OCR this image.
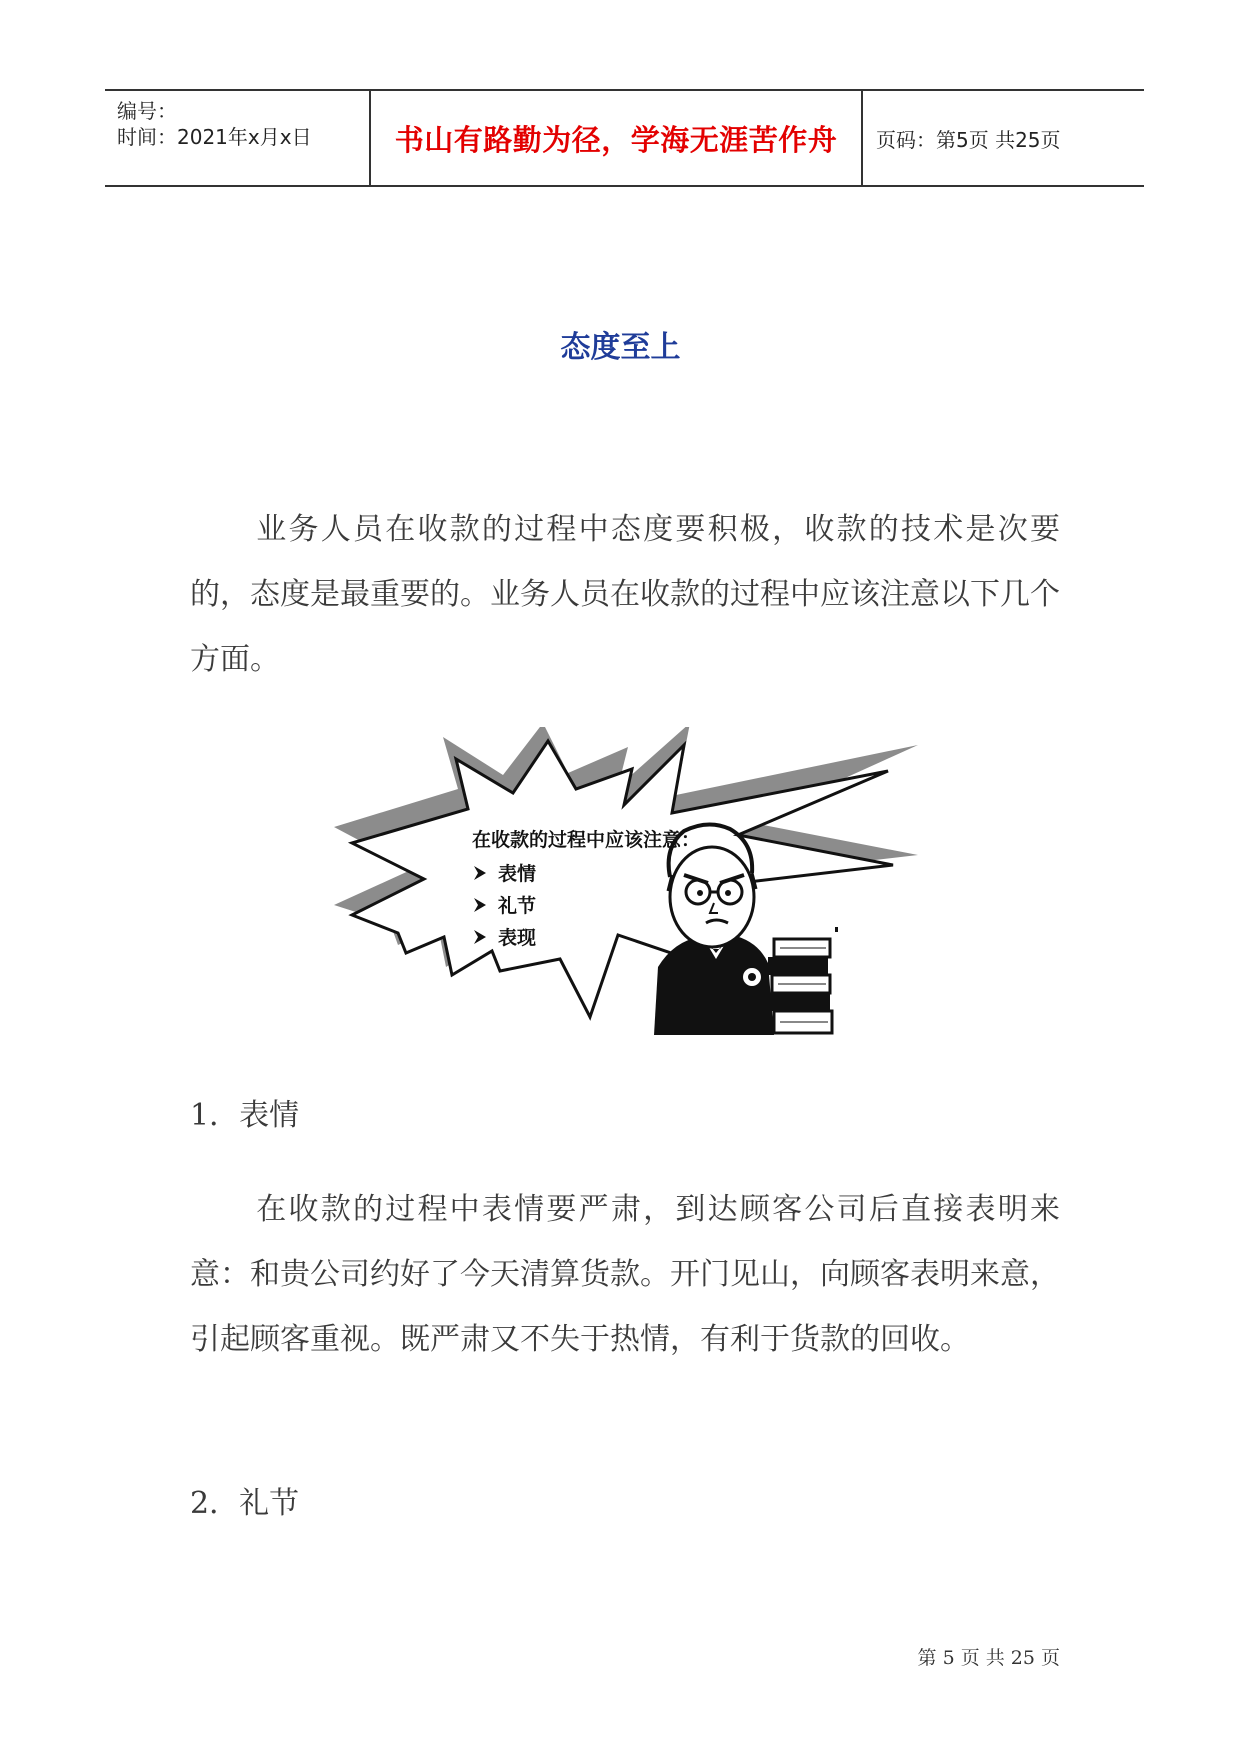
编号：
时间：2021年x月x日	书山有路勤为径，学海无涯苦作舟 页码：第5页 共25页
态度至上

业务人员在收款的过程中态度要积极，收款的技术是次要的，态度是最重要的。业务人员在收款的过程中应该注意以下几个方面。

在收款的过程中应该注意：
表情
礼节
表现
1．表情

在收款的过程中表情要严肃，到达顾客公司后直接表明来意：和贵公司约好了今天清算货款。开门见山，向顾客表明来意，引起顾客重视。既严肃又不失于热情，有利于货款的回收。

2．礼节
第 5 页 共 25 页
